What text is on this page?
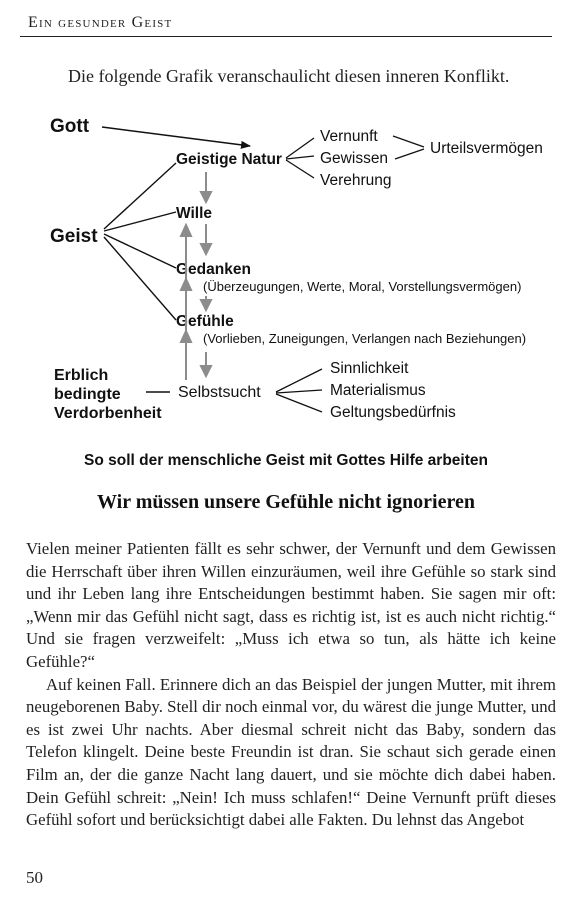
Ein gesunder Geist
Die folgende Grafik veranschaulicht diesen inneren Konflikt.
Gott
Geist
Erblich
bedingte
Verdorbenheit
Geistige Natur
Wille
Gedanken
(Überzeugungen, Werte, Moral, Vorstellungsvermögen)
Gefühle
(Vorlieben, Zuneigungen, Verlangen nach Beziehungen)
Selbstsucht
Vernunft
Gewissen
Verehrung
Urteilsvermögen
Sinnlichkeit
Materialismus
Geltungsbedürfnis
So soll der menschliche Geist mit Gottes Hilfe arbeiten
Wir müssen unsere Gefühle nicht ignorieren

Vielen meiner Patienten fällt es sehr schwer, der Vernunft und dem Gewissen die Herrschaft über ihren Willen einzuräumen, weil ihre Gefühle so stark sind und ihr Leben lang ihre Entscheidungen bestimmt haben. Sie sagen mir oft: „Wenn mir das Gefühl nicht sagt, dass es richtig ist, ist es auch nicht richtig.“ Und sie fragen verzweifelt: „Muss ich etwa so tun, als hätte ich keine Gefühle?“

Auf keinen Fall. Erinnere dich an das Beispiel der jungen Mutter, mit ihrem neugeborenen Baby. Stell dir noch einmal vor, du wärest die junge Mutter, und es ist zwei Uhr nachts. Aber diesmal schreit nicht das Baby, sondern das Telefon klingelt. Deine beste Freundin ist dran. Sie schaut sich gerade einen Film an, der die ganze Nacht lang dauert, und sie möchte dich dabei haben. Dein Gefühl schreit: „Nein! Ich muss schlafen!“ Deine Vernunft prüft dieses Gefühl sofort und berücksichtigt dabei alle Fakten. Du lehnst das Angebot

50
